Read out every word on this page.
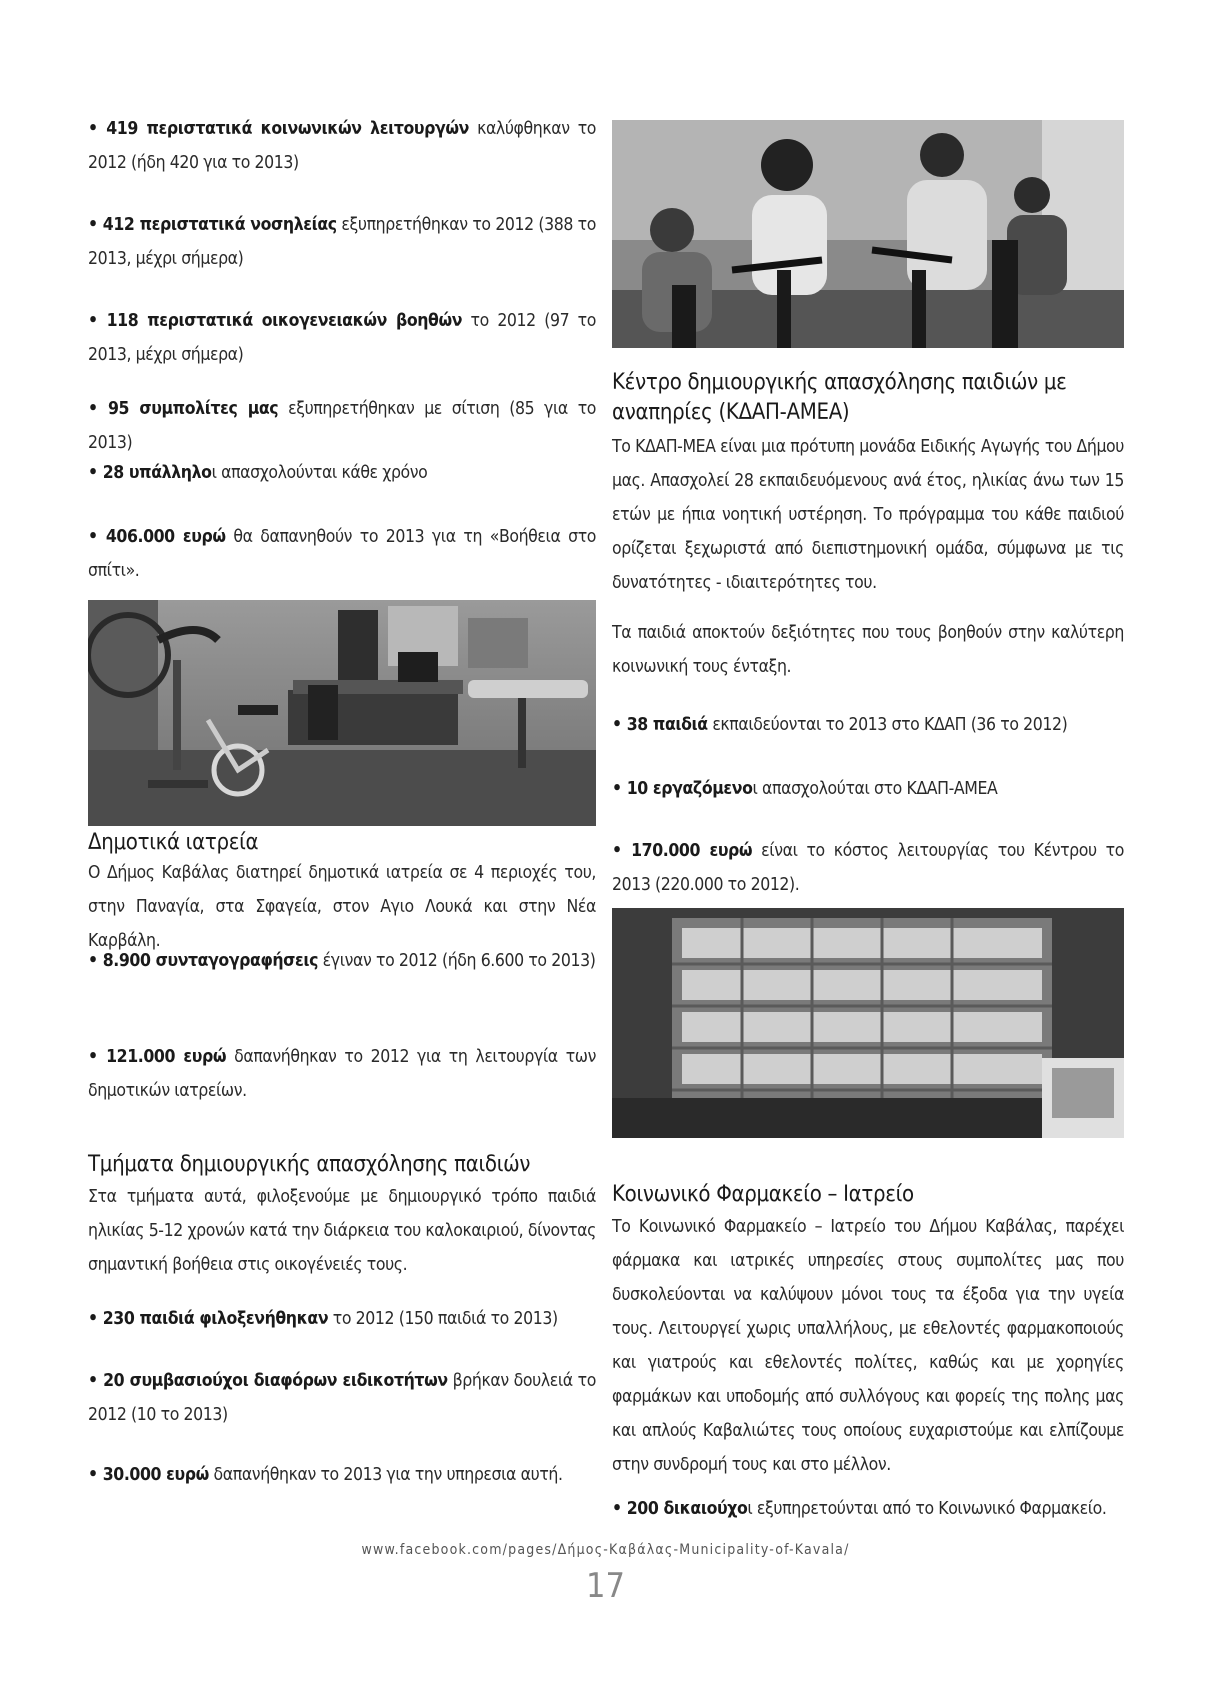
• 419 περιστατικά κοινωνικών λειτουργών καλύφθηκαν το 2012 (ήδη 420 για το 2013)

• 412 περιστατικά νοσηλείας εξυπηρετήθηκαν το 2012 (388 το 2013, μέχρι σήμερα)

• 118 περιστατικά οικογενειακών βοηθών το 2012 (97 το 2013, μέχρι σήμερα)

• 95 συμπολίτες μας εξυπηρετήθηκαν με σίτιση (85 για το 2013)

• 28 υπάλληλοι απασχολούνται κάθε χρόνο

• 406.000 ευρώ θα δαπανηθούν το 2013 για τη «Βοήθεια στο σπίτι».

Δημοτικά ιατρεία

Ο Δήμος Καβάλας διατηρεί δημοτικά ιατρεία σε 4 περιοχές του, στην Παναγία, στα Σφαγεία, στον Αγιο Λουκά και στην Νέα Καρβάλη.

• 8.900 συνταγογραφήσεις έγιναν το 2012 (ήδη 6.600 το 2013)

• 121.000 ευρώ δαπανήθηκαν το 2012 για τη λειτουργία των δημοτικών ιατρείων.

Τμήματα δημιουργικής απασχόλησης παιδιών

Στα τμήματα αυτά, φιλοξενούμε με δημιουργικό τρόπο παιδιά ηλικίας 5-12 χρονών κατά την διάρκεια του καλοκαιριού, δίνοντας σημαντική βοήθεια στις οικογένειές τους.

• 230 παιδιά φιλοξενήθηκαν το 2012 (150 παιδιά το 2013)

• 20 συμβασιούχοι διαφόρων ειδικοτήτων βρήκαν δουλειά το 2012 (10 το 2013)

• 30.000 ευρώ δαπανήθηκαν το 2013 για την υπηρεσια αυτή.

Κέντρο δημιουργικής απασχόλησης παιδιών με αναπηρίες (ΚΔΑΠ-ΑΜΕΑ)

Το ΚΔΑΠ-ΜΕΑ είναι μια πρότυπη μονάδα Ειδικής Αγωγής του Δήμου μας. Απασχολεί 28 εκπαιδευόμενους ανά έτος, ηλικίας άνω των 15 ετών με ήπια νοητική υστέρηση. Το πρόγραμμα του κάθε παιδιού ορίζεται ξεχωριστά από διεπιστημονική ομάδα, σύμφωνα με τις δυνατότητες - ιδιαιτερότητες του.

Τα παιδιά αποκτούν δεξιότητες που τους βοηθούν στην καλύτερη κοινωνική τους ένταξη.

• 38 παιδιά εκπαιδεύονται το 2013 στο ΚΔΑΠ (36 το 2012)

• 10 εργαζόμενοι απασχολούται στο ΚΔΑΠ-ΑΜΕΑ

• 170.000 ευρώ είναι το κόστος λειτουργίας του Κέντρου το 2013 (220.000 το 2012).

Κοινωνικό Φαρμακείο – Ιατρείο

Το Κοινωνικό Φαρμακείο – Ιατρείο του Δήμου Καβάλας, παρέχει φάρμακα και ιατρικές υπηρεσίες στους συμπολίτες μας που δυσκολεύονται να καλύψουν μόνοι τους τα έξοδα για την υγεία τους. Λειτουργεί χωρις υπαλλήλους, με εθελοντές φαρμακοποιούς και γιατρούς και εθελοντές πολίτες, καθώς και με χορηγίες φαρμάκων και υποδομής από συλλόγους και φορείς της πολης μας και απλούς Καβαλιώτες τους οποίους ευχαριστούμε και ελπίζουμε στην συνδρομή τους και στο μέλλον.

• 200 δικαιούχοι εξυπηρετούνται από το Κοινωνικό Φαρμακείο.

www.facebook.com/pages/Δήμος-Καβάλας-Municipality-of-Kavala/
17
